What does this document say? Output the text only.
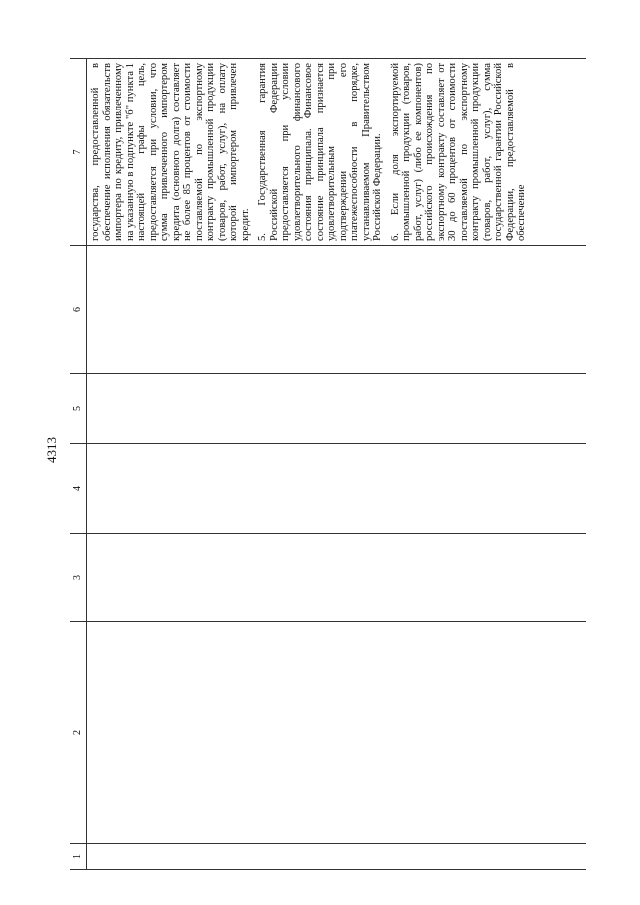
4313
1
2
3
4
5
6
7 государства, предоставленной в обеспечение исполнения обязательств импортера по кредиту, привлеченному на указанную в подпункте "б" пункта 1 настоящей графы цель, предоставляется при условии, что сумма привлеченного импортером кредита (основного долга) составляет не более 85 процентов от стоимости поставляемой по экспортному контракту промышленной продукции (товаров, работ, услуг), на оплату которой импортером привлечен кредит. 5. Государственная гарантия Российской Федерации предоставляется при условии удовлетворительного финансового состояния принципала. Финансовое состояние принципала признается удовлетворительным при подтверждении его платежеспособности в порядке, устанавливаемом Правительством Российской Федерации. 6. Если доля экспортируемой промышленной продукции (товаров, работ, услуг) (либо ее компонентов) российского происхождения по экспортному контракту составляет от 30 до 60 процентов от стоимости поставляемой по экспортному контракту промышленной продукции (товаров, работ, услуг), сумма государственной гарантии Российской Федерации, предоставляемой в обеспечение
